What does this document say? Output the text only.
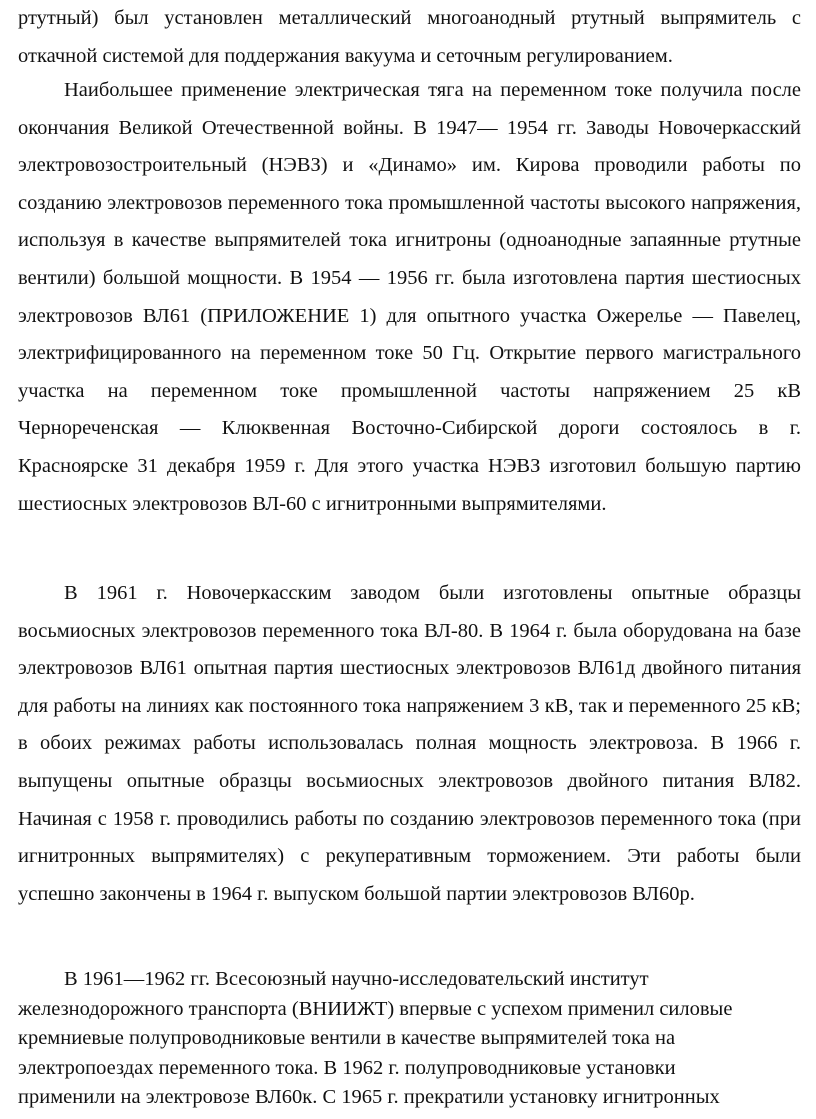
ртутный) был установлен металлический многоанодный ртутный выпрямитель с откачной системой для поддержания вакуума и сеточным регулированием.

Наибольшее применение электрическая тяга на переменном токе получила после окончания Великой Отечественной войны. В 1947— 1954 гг. Заводы Новочеркасский электровозостроительный (НЭВЗ) и «Динамо» им. Кирова проводили работы по созданию электровозов переменного тока промышленной частоты высокого напряжения, используя в качестве выпрямителей тока игнитроны (одноанодные запаянные ртутные вентили) большой мощности. В 1954 — 1956 гг. была изготовлена партия шестиосных электровозов ВЛ61 (ПРИЛОЖЕНИЕ 1) для опытного участка Ожерелье — Павелец, электрифицированного на переменном токе 50 Гц. Открытие первого магистрального участка на переменном токе промышленной частоты напряжением 25 кВ Чернореченская — Клюквенная Восточно-Сибирской дороги состоялось в г. Красноярске 31 декабря 1959 г. Для этого участка НЭВЗ изготовил большую партию шестиосных электровозов ВЛ-60 с игнитронными выпрямителями.

В 1961 г. Новочеркасским заводом были изготовлены опытные образцы восьмиосных электровозов переменного тока ВЛ-80. В 1964 г. была оборудована на базе электровозов ВЛ61 опытная партия шестиосных электровозов ВЛ61д двойного питания для работы на линиях как постоянного тока напряжением 3 кВ, так и переменного 25 кВ; в обоих режимах работы использовалась полная мощность электровоза. В 1966 г. выпущены опытные образцы восьмиосных электровозов двойного питания ВЛ82. Начиная с 1958 г. проводились работы по созданию электровозов переменного тока (при игнитронных выпрямителях) с рекуперативным торможением. Эти работы были успешно закончены в 1964 г. выпуском большой партии электровозов ВЛ60р.

В 1961—1962 гг. Всесоюзный научно-исследовательский институт железнодорожного транспорта (ВНИИЖТ) впервые с успехом применил силовые кремниевые полупроводниковые вентили в качестве выпрямителей тока на электропоездах переменного тока. В 1962 г. полупроводниковые установки применили на электровозе ВЛ60к. С 1965 г. прекратили установку игнитронных
